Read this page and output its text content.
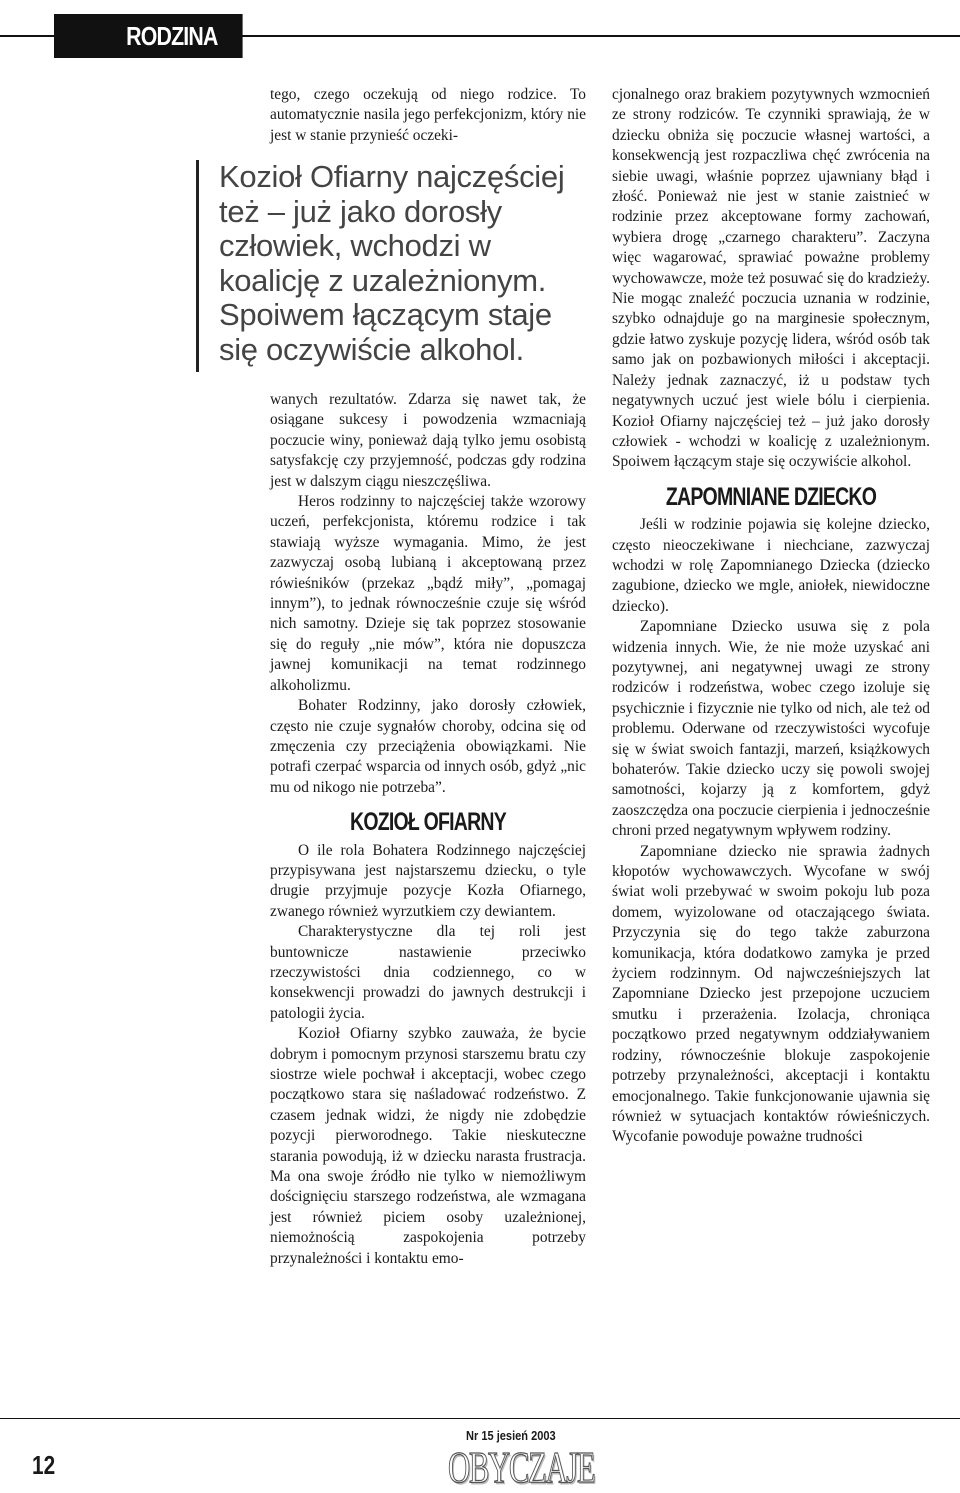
RODZINA

tego, czego oczekują od niego rodzice. To automatycznie nasila jego perfekcjonizm, który nie jest w stanie przynieść oczeki-

Kozioł Ofiarny najczęściej też – już jako dorosły człowiek, wchodzi w koalicję z uzależnionym. Spoiwem łączącym staje się oczywiście alkohol.

wanych rezultatów. Zdarza się nawet tak, że osiągane sukcesy i powodzenia wzmacniają poczucie winy, ponieważ dają tylko jemu osobistą satysfakcję czy przyjemność, podczas gdy rodzina jest w dalszym ciągu nieszczęśliwa.

Heros rodzinny to najczęściej także wzorowy uczeń, perfekcjonista, któremu rodzice i tak stawiają wyższe wymagania. Mimo, że jest zazwyczaj osobą lubianą i akceptowaną przez rówieśników (przekaz „bądź miły”, „pomagaj innym”), to jednak równocześnie czuje się wśród nich samotny. Dzieje się tak poprzez stosowanie się do reguły „nie mów”, która nie dopuszcza jawnej komunikacji na temat rodzinnego alkoholizmu.

Bohater Rodzinny, jako dorosły człowiek, często nie czuje sygnałów choroby, odcina się od zmęczenia czy przeciążenia obowiązkami. Nie potrafi czerpać wsparcia od innych osób, gdyż „nic mu od nikogo nie potrzeba”.

KOZIOŁ OFIARNY

O ile rola Bohatera Rodzinnego najczęściej przypisywana jest najstarszemu dziecku, o tyle drugie przyjmuje pozycje Kozła Ofiarnego, zwanego również wyrzutkiem czy dewiantem.

Charakterystyczne dla tej roli jest buntownicze nastawienie przeciwko rzeczywistości dnia codziennego, co w konsekwencji prowadzi do jawnych destrukcji i patologii życia.

Kozioł Ofiarny szybko zauważa, że bycie dobrym i pomocnym przynosi starszemu bratu czy siostrze wiele pochwał i akceptacji, wobec czego początkowo stara się naśladować rodzeństwo. Z czasem jednak widzi, że nigdy nie zdobędzie pozycji pierworodnego. Takie nieskuteczne starania powodują, iż w dziecku narasta frustracja. Ma ona swoje źródło nie tylko w niemożliwym doścignięciu starszego rodzeństwa, ale wzmagana jest również piciem osoby uzależnionej, niemożnością zaspokojenia potrzeby przynależności i kontaktu emo-

cjonalnego oraz brakiem pozytywnych wzmocnień ze strony rodziców. Te czynniki sprawiają, że w dziecku obniża się poczucie własnej wartości, a konsekwencją jest rozpaczliwa chęć zwrócenia na siebie uwagi, właśnie poprzez ujawniany błąd i złość. Ponieważ nie jest w stanie zaistnieć w rodzinie przez akceptowane formy zachowań, wybiera drogę „czarnego charakteru”. Zaczyna więc wagarować, sprawiać poważne problemy wychowawcze, może też posuwać się do kradzieży. Nie mogąc znaleźć poczucia uznania w rodzinie, szybko odnajduje go na marginesie społecznym, gdzie łatwo zyskuje pozycję lidera, wśród osób tak samo jak on pozbawionych miłości i akceptacji. Należy jednak zaznaczyć, iż u podstaw tych negatywnych uczuć jest wiele bólu i cierpienia. Kozioł Ofiarny najczęściej też – już jako dorosły człowiek - wchodzi w koalicję z uzależnionym. Spoiwem łączącym staje się oczywiście alkohol.

ZAPOMNIANE DZIECKO

Jeśli w rodzinie pojawia się kolejne dziecko, często nieoczekiwane i niechciane, zazwyczaj wchodzi w rolę Zapomnianego Dziecka (dziecko zagubione, dziecko we mgle, aniołek, niewidoczne dziecko).

Zapomniane Dziecko usuwa się z pola widzenia innych. Wie, że nie może uzyskać ani pozytywnej, ani negatywnej uwagi ze strony rodziców i rodzeństwa, wobec czego izoluje się psychicznie i fizycznie nie tylko od nich, ale też od problemu. Oderwane od rzeczywistości wycofuje się w świat swoich fantazji, marzeń, książkowych bohaterów. Takie dziecko uczy się powoli swojej samotności, kojarzy ją z komfortem, gdyż zaoszczędza ona poczucie cierpienia i jednocześnie chroni przed negatywnym wpływem rodziny.

Zapomniane dziecko nie sprawia żadnych kłopotów wychowawczych. Wycofane w swój świat woli przebywać w swoim pokoju lub poza domem, wyizolowane od otaczającego świata. Przyczynia się do tego także zaburzona komunikacja, która dodatkowo zamyka je przed życiem rodzinnym. Od najwcześniejszych lat Zapomniane Dziecko jest przepojone uczuciem smutku i przerażenia. Izolacja, chroniąca początkowo przed negatywnym oddziaływaniem rodziny, równocześnie blokuje zaspokojenie potrzeby przynależności, akceptacji i kontaktu emocjonalnego. Takie funkcjonowanie ujawnia się również w sytuacjach kontaktów rówieśniczych. Wycofanie powoduje poważne trudności

12
Nr 15 jesień 2003
OBYCZAJE
